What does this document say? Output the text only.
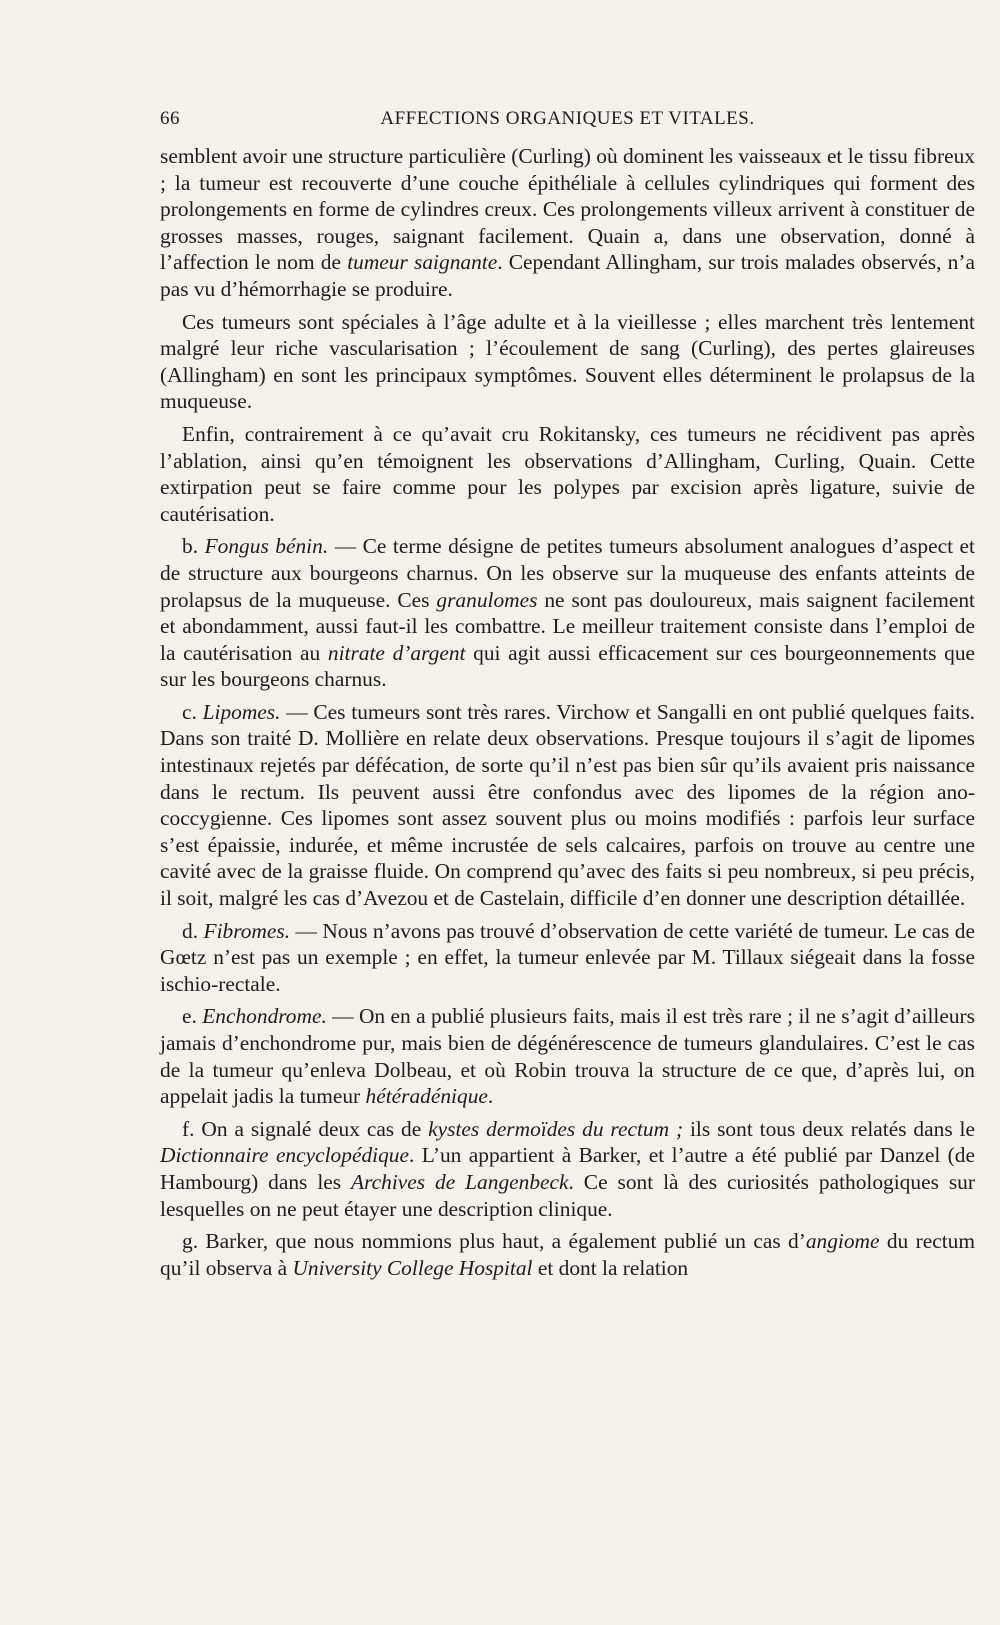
66	AFFECTIONS ORGANIQUES ET VITALES.

semblent avoir une structure particulière (Curling) où dominent les vaisseaux et le tissu fibreux ; la tumeur est recouverte d’une couche épithéliale à cellules cylindriques qui forment des prolongements en forme de cylindres creux. Ces prolongements villeux arrivent à constituer de grosses masses, rouges, saignant facilement. Quain a, dans une observation, donné à l’affection le nom de tumeur saignante. Cependant Allingham, sur trois malades observés, n’a pas vu d’hémorrhagie se produire.

Ces tumeurs sont spéciales à l’âge adulte et à la vieillesse ; elles marchent très lentement malgré leur riche vascularisation ; l’écoulement de sang (Curling), des pertes glaireuses (Allingham) en sont les principaux symptômes. Souvent elles déterminent le prolapsus de la muqueuse.

Enfin, contrairement à ce qu’avait cru Rokitansky, ces tumeurs ne récidivent pas après l’ablation, ainsi qu’en témoignent les observations d’Allingham, Curling, Quain. Cette extirpation peut se faire comme pour les polypes par excision après ligature, suivie de cautérisation.

b. Fongus bénin. — Ce terme désigne de petites tumeurs absolument analogues d’aspect et de structure aux bourgeons charnus. On les observe sur la muqueuse des enfants atteints de prolapsus de la muqueuse. Ces granulomes ne sont pas douloureux, mais saignent facilement et abondamment, aussi faut-il les combattre. Le meilleur traitement consiste dans l’emploi de la cautérisation au nitrate d’argent qui agit aussi efficacement sur ces bourgeonnements que sur les bourgeons charnus.

c. Lipomes. — Ces tumeurs sont très rares. Virchow et Sangalli en ont publié quelques faits. Dans son traité D. Mollière en relate deux observations. Presque toujours il s’agit de lipomes intestinaux rejetés par défécation, de sorte qu’il n’est pas bien sûr qu’ils avaient pris naissance dans le rectum. Ils peuvent aussi être confondus avec des lipomes de la région ano-coccygienne. Ces lipomes sont assez souvent plus ou moins modifiés : parfois leur surface s’est épaissie, indurée, et même incrustée de sels calcaires, parfois on trouve au centre une cavité avec de la graisse fluide. On comprend qu’avec des faits si peu nombreux, si peu précis, il soit, malgré les cas d’Avezou et de Castelain, difficile d’en donner une description détaillée.

d. Fibromes. — Nous n’avons pas trouvé d’observation de cette variété de tumeur. Le cas de Gœtz n’est pas un exemple ; en effet, la tumeur enlevée par M. Tillaux siégeait dans la fosse ischio-rectale.

e. Enchondrome. — On en a publié plusieurs faits, mais il est très rare ; il ne s’agit d’ailleurs jamais d’enchondrome pur, mais bien de dégénérescence de tumeurs glandulaires. C’est le cas de la tumeur qu’enleva Dolbeau, et où Robin trouva la structure de ce que, d’après lui, on appelait jadis la tumeur hétéradénique.

f. On a signalé deux cas de kystes dermoïdes du rectum ; ils sont tous deux relatés dans le Dictionnaire encyclopédique. L’un appartient à Barker, et l’autre a été publié par Danzel (de Hambourg) dans les Archives de Langenbeck. Ce sont là des curiosités pathologiques sur lesquelles on ne peut étayer une description clinique.

g. Barker, que nous nommions plus haut, a également publié un cas d’angiome du rectum qu’il observa à University College Hospital et dont la relation
